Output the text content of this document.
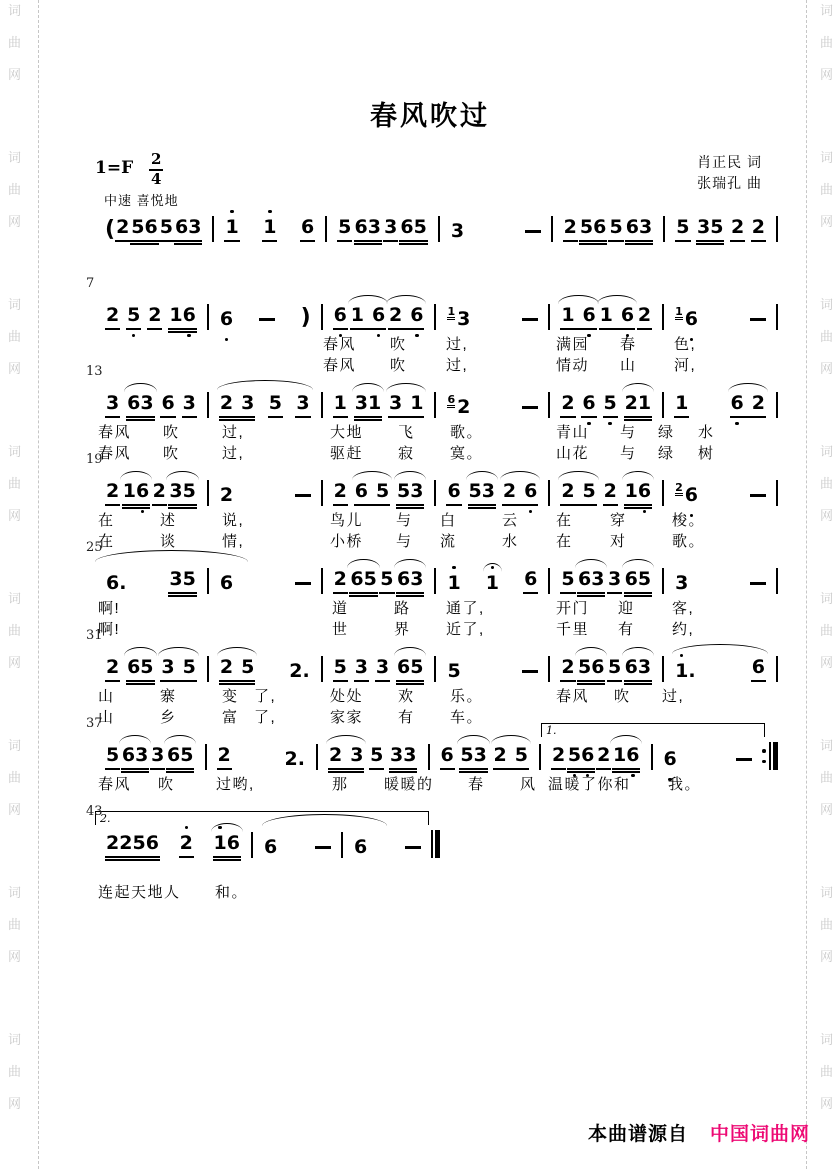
词
曲
网
词
曲
网
词
曲
网
词
曲
网
词
曲
网
词
曲
网
词
曲
网
词
曲
网
词
曲
网
词
曲
网
词
曲
网
词
曲
网
词
曲
网
词
曲
网
词
曲
网
词
曲
网
春风吹过
$1=F \frac{2}{4}$
中速 喜悦地
肖正民 词
张瑞孔 曲
( 2 5 6 5 6 3 1 1 6 5 6 3 3 6 5 3	2 5 6 5 6 3 5 3 5 2 2
2 5 2 1 6 6	) 6 1 6 2 6 1 3	1 6 1 6 2 1 6
7
春风 吹	过,	满园 春 色,
春风 吹	过,	情动 山 河,
3 6 3 6 3 2 3 5 3 1 3 1 3 1 6 2	2 6 5 2 1 1 6 2
13
春风 吹	过,	大地 飞 歌。	青山 与 绿 水
春风 吹	过,	驱赶 寂 寞。	山花 与 绿 树
2 1 6 2 3 5 2	2 6 5 5 3 6 5 3 2 6 2 5 2 1 6 2 6
19
在	述	说,	鸟儿 与 白	云 在 穿	梭。
在	谈	情,	小桥 与 流	水 在 对	歌。
6 . 3 5 6	2 6 5 5 6 3 1 1 6 5 6 3 3 6 5 3
25
啊!	道	路 通了,	开门 迎 客,
啊!	世	界 近了,	千里 有 约,
2 6 5 3 5 2 5 2 . 5 3 3 6 5 5	2 5 6 5 6 3 1 .	6
31
山	寨	变 了,	处处 欢 乐。	春风 吹 过,
山	乡	富 了,	家家 有 车。
5 6 3 3 6 5 2	2 . 2 3 5 3 3 6 5 3 2 5 2 5 6 2 1 6 6
1.
37
春风 吹	过哟,	那 暖暖的 春 风 温暖了你和 我。
2 2 5 6 2 1 6 6	6
2.
43
连起天地人 和。
本曲谱源自 中国词曲网
